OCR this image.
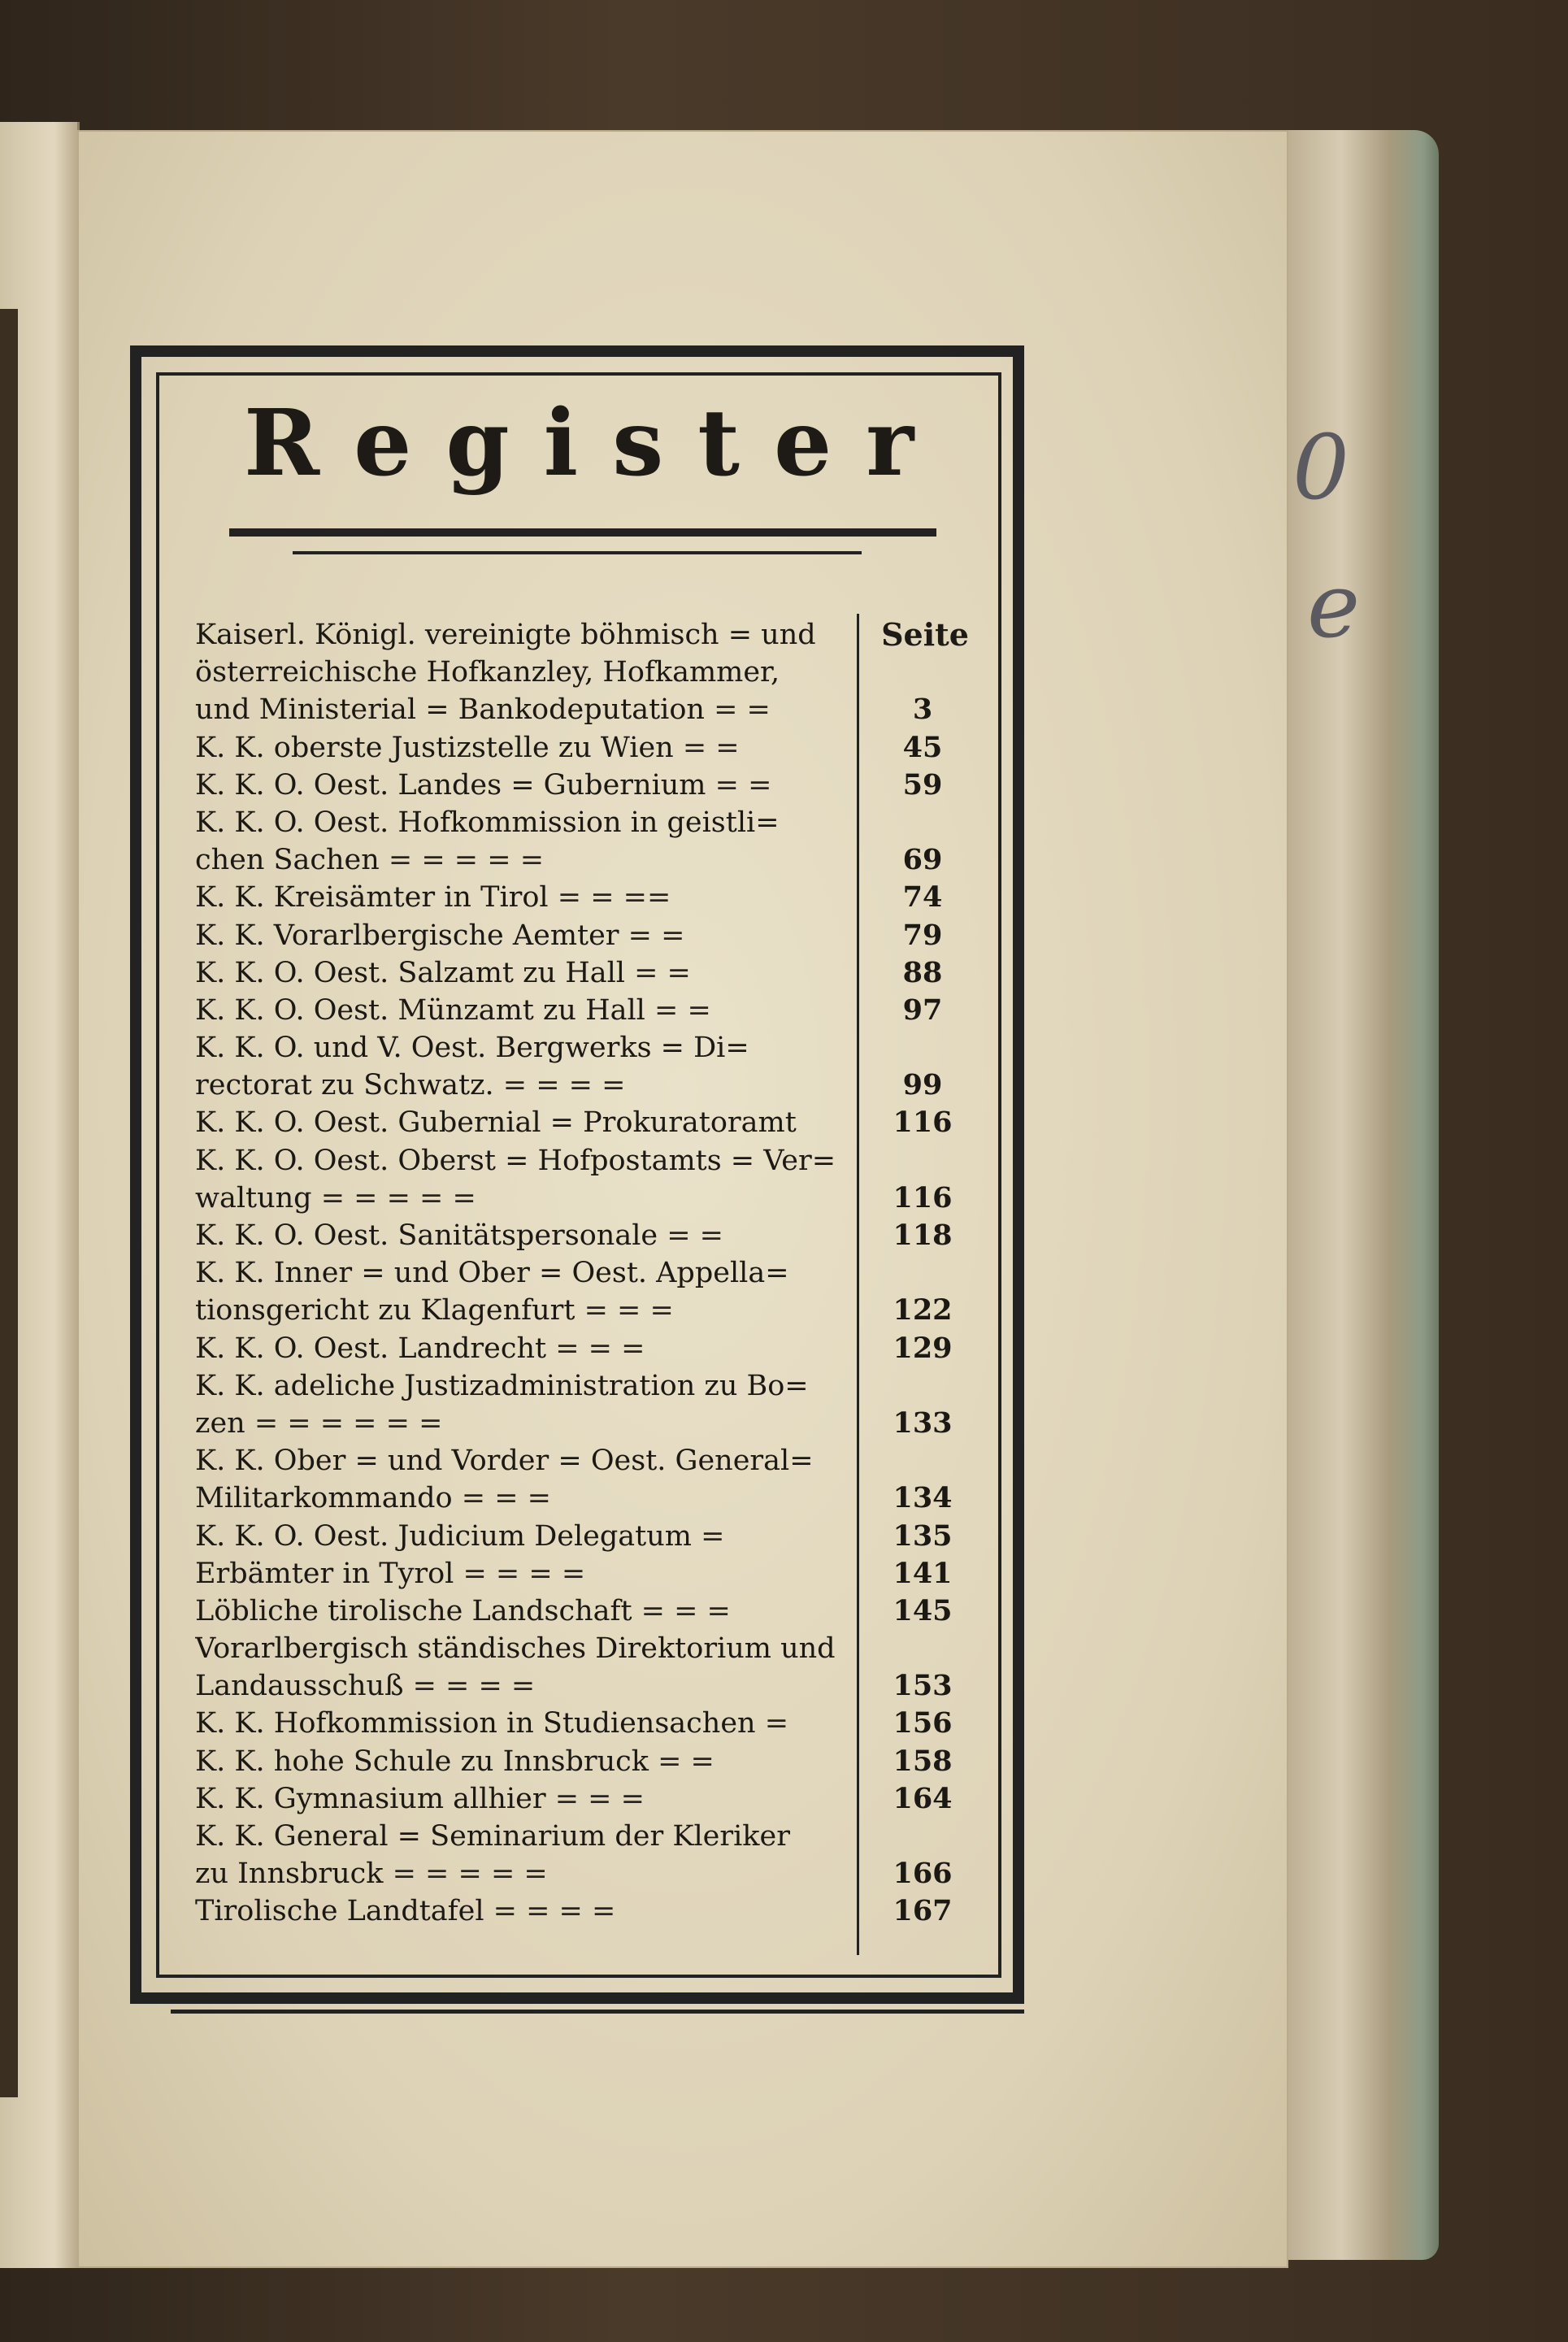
0
e
Register
Seite
Kaiserl. Königl. vereinigte böhmisch = und
österreichische Hofkanzley, Hofkammer,
und Ministerial = Bankodeputation = =	3
K. K. oberste Justizstelle zu Wien = =	45
K. K. O. Oest. Landes = Gubernium = =	59
K. K. O. Oest. Hofkommission in geistli=
chen Sachen = = = = =	69
K. K. Kreisämter in Tirol = = ==	74
K. K. Vorarlbergische Aemter = =	79
K. K. O. Oest. Salzamt zu Hall = =	88
K. K. O. Oest. Münzamt zu Hall = =	97
K. K. O. und V. Oest. Bergwerks = Di=
rectorat zu Schwatz. = = = =	99
K. K. O. Oest. Gubernial = Prokuratoramt	116
K. K. O. Oest. Oberst = Hofpostamts = Ver=
waltung = = = = =	116
K. K. O. Oest. Sanitätspersonale = =	118
K. K. Inner = und Ober = Oest. Appella=
tionsgericht zu Klagenfurt = = =	122
K. K. O. Oest. Landrecht = = =	129
K. K. adeliche Justizadministration zu Bo=
zen = = = = = =	133
K. K. Ober = und Vorder = Oest. General=
Militarkommando = = =	134
K. K. O. Oest. Judicium Delegatum =	135
Erbämter in Tyrol = = = =	141
Löbliche tirolische Landschaft = = =	145
Vorarlbergisch ständisches Direktorium und
Landausschuß = = = =	153
K. K. Hofkommission in Studiensachen =	156
K. K. hohe Schule zu Innsbruck = =	158
K. K. Gymnasium allhier = = =	164
K. K. General = Seminarium der Kleriker
zu Innsbruck = = = = =	166
Tirolische Landtafel = = = =	167
